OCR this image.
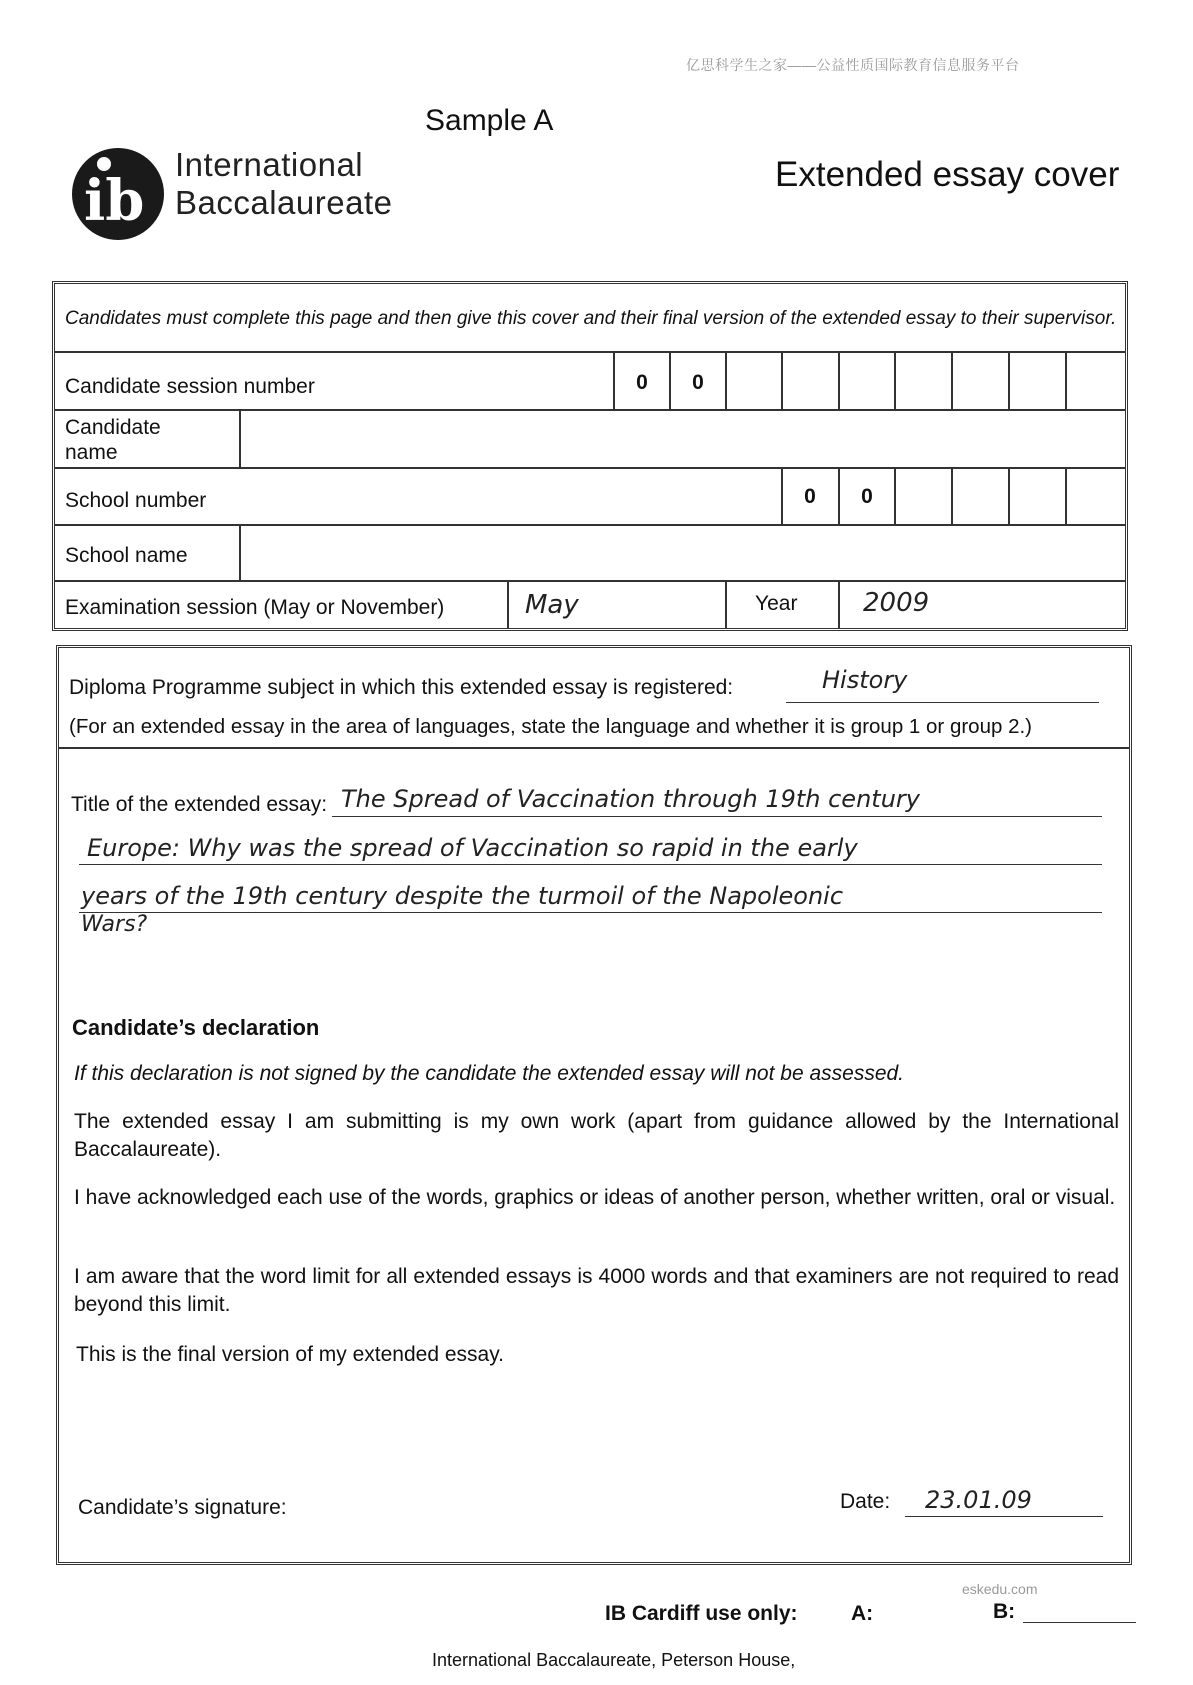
亿思科学生之家——公益性质国际教育信息服务平台
Sample A
ib
International
Baccalaureate
Extended essay cover
Candidates must complete this page and then give this cover and their final version of the extended essay to their supervisor.
Candidate session number	0	0
Candidate
name
School number	0	0
School name
Examination session (May or November)	May	Year	2009
Diploma Programme subject in which this extended essay is registered:	History
(For an extended essay in the area of languages, state the language and whether it is group 1 or group 2.)
Title of the extended essay: The Spread of Vaccination through 19th century
Europe: Why was the spread of Vaccination so rapid in the early
years of the 19th century despite the turmoil of the Napoleonic
Wars?
Candidate’s declaration
If this declaration is not signed by the candidate the extended essay will not be assessed.
The extended essay I am submitting is my own work (apart from guidance allowed by the International Baccalaureate).
I have acknowledged each use of the words, graphics or ideas of another person, whether written, oral or visual.
I am aware that the word limit for all extended essays is 4000 words and that examiners are not required to read beyond this limit.
This is the final version of my extended essay.
Candidate’s signature:	Date: 23.01.09
eskedu.com
IB Cardiff use only:	A:	B:
International Baccalaureate, Peterson House,
